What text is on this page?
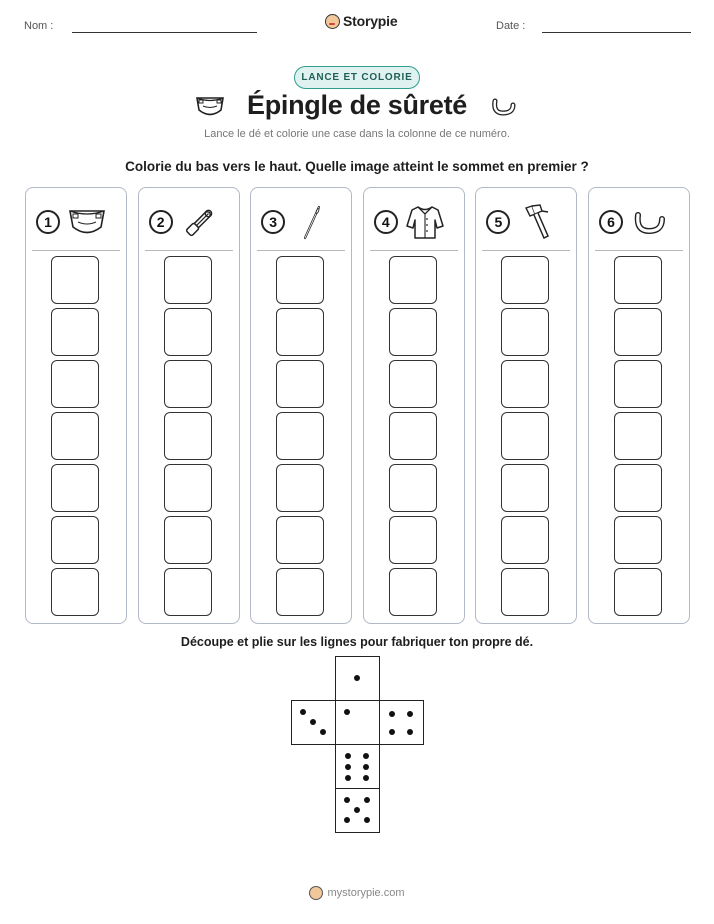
Nom :	Storypie	Date :
LANCE ET COLORIE
Épingle de sûreté
Lance le dé et colorie une case dans la colonne de ce numéro.
Colorie du bas vers le haut. Quelle image atteint le sommet en premier ?
1	2	3	4	5	6
Découpe et plie sur les lignes pour fabriquer ton propre dé.
mystorypie.com
